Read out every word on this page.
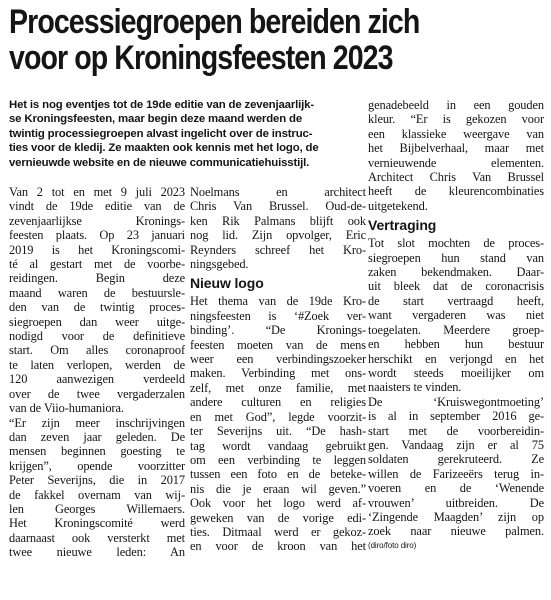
Processiegroepen bereiden zich
voor op Kroningsfeesten 2023
Het is nog eventjes tot de 19de editie van de zevenjaarlijk-
se Kroningsfeesten, maar begin deze maand werden de
twintig processiegroepen alvast ingelicht over de instruc-
ties voor de kledij. Ze maakten ook kennis met het logo, de
vernieuwde website en de nieuwe communicatiehuisstijl.
Van 2 tot en met 9 juli 2023
vindt de 19de editie van de
zevenjaarlijkse Kronings-
feesten plaats. Op 23 januari
2019 is het Kroningscomi-
té al gestart met de voorbe-
reidingen. Begin deze
maand waren de bestuursle-
den van de twintig proces-
siegroepen dan weer uitge-
nodigd voor de definitieve
start. Om alles coronaproof
te laten verlopen, werden de
120 aanwezigen verdeeld
over de twee vergaderzalen
van de Viio-humaniora.
“Er zijn meer inschrijvingen
dan zeven jaar geleden. De
mensen beginnen goesting te
krijgen”, opende voorzitter
Peter Severijns, die in 2017
de fakkel overnam van wij-
len Georges Willemaers.
Het Kroningscomité werd
daarnaast ook versterkt met
twee nieuwe leden: An
Noelmans en architect
Chris Van Brussel. Oud-de-
ken Rik Palmans blijft ook
nog lid. Zijn opvolger, Eric
Reynders schreef het Kro-
ningsgebed.
Nieuw logo
Het thema van de 19de Kro-
ningsfeesten is ‘#Zoek ver-
binding’. “De Kronings-
feesten moeten van de mens
weer een verbindingszoeker
maken. Verbinding met ons-
zelf, met onze familie, met
andere culturen en religies
en met God”, legde voorzit-
ter Severijns uit. “De hash-
tag wordt vandaag gebruikt
om een verbinding te leggen
tussen een foto en de beteke-
nis die je eraan wil geven.”
Ook voor het logo werd af-
geweken van de vorige edi-
ties. Ditmaal werd er gekoz-
en voor de kroon van het
genadebeeld in een gouden
kleur. “Er is gekozen voor
een klassieke weergave van
het Bijbelverhaal, maar met
vernieuwende elementen.
Architect Chris Van Brussel
heeft de kleurencombinaties
uitgetekend.
Vertraging
Tot slot mochten de proces-
siegroepen hun stand van
zaken bekendmaken. Daar-
uit bleek dat de coronacrisis
de start vertraagd heeft,
want vergaderen was niet
toegelaten. Meerdere groep-
en hebben hun bestuur
herschikt en verjongd en het
wordt steeds moeilijker om
naaisters te vinden.
De ‘Kruiswegontmoeting’
is al in september 2016 ge-
start met de voorbereidin-
gen. Vandaag zijn er al 75
soldaten gerekruteerd. Ze
willen de Farizeeërs terug in-
voeren en de ‘Wenende
vrouwen’ uitbreiden. De
‘Zingende Maagden’ zijn op
zoek naar nieuwe palmen.
(diro/foto diro)
